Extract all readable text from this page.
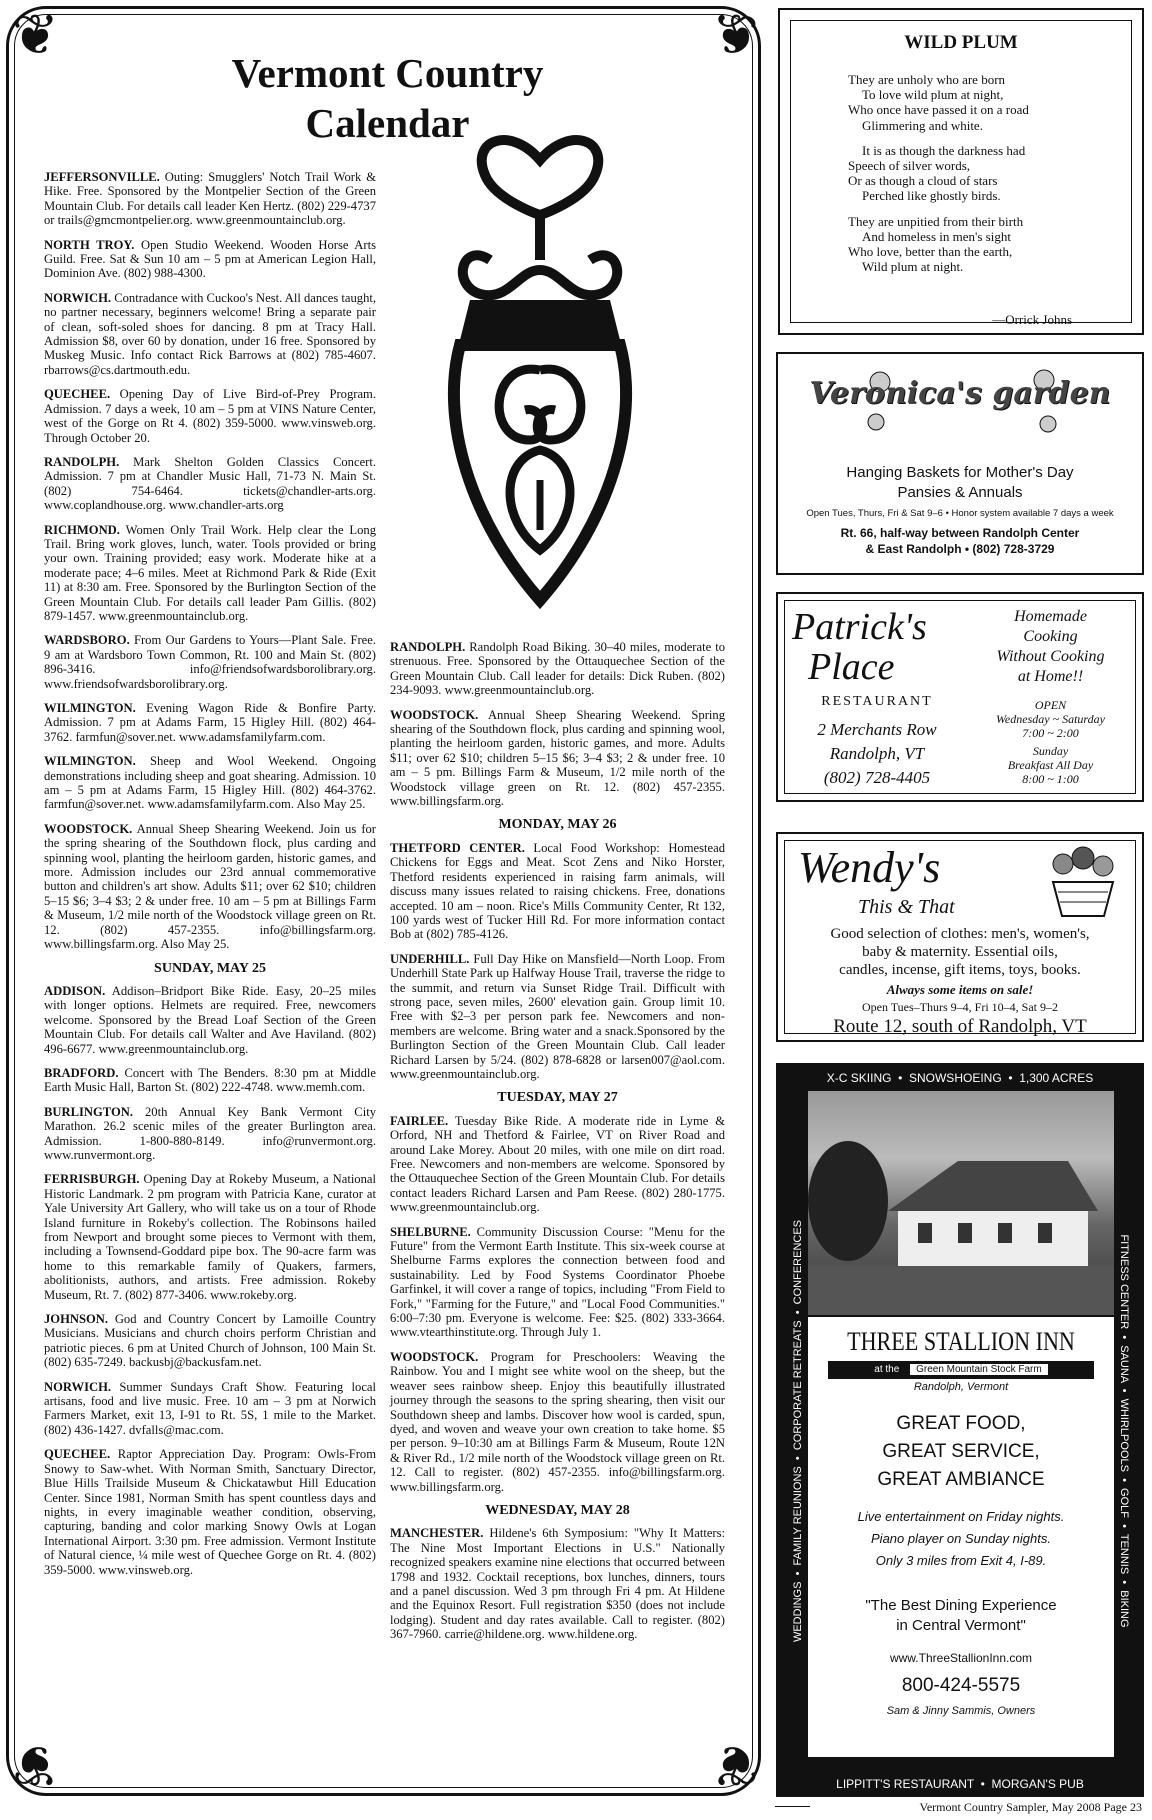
❦	❦
❦	❦
Vermont Country Calendar

JEFFERSONVILLE. Outing: Smugglers' Notch Trail Work & Hike. Free. Sponsored by the Montpelier Section of the Green Mountain Club. For details call leader Ken Hertz. (802) 229-4737 or trails@gmcmontpelier.org. www.greenmountainclub.org.

NORTH TROY. Open Studio Weekend. Wooden Horse Arts Guild. Free. Sat & Sun 10 am – 5 pm at American Legion Hall, Dominion Ave. (802) 988-4300.

NORWICH. Contradance with Cuckoo's Nest. All dances taught, no partner necessary, beginners welcome! Bring a separate pair of clean, soft-soled shoes for dancing. 8 pm at Tracy Hall. Admission $8, over 60 by donation, under 16 free. Sponsored by Muskeg Music. Info contact Rick Barrows at (802) 785-4607. rbarrows@cs.dartmouth.edu.

QUECHEE. Opening Day of Live Bird-of-Prey Program. Admission. 7 days a week, 10 am – 5 pm at VINS Nature Center, west of the Gorge on Rt 4. (802) 359-5000. www.vinsweb.org. Through October 20.

RANDOLPH. Mark Shelton Golden Classics Concert. Admission. 7 pm at Chandler Music Hall, 71-73 N. Main St. (802) 754-6464. tickets@chandler-arts.org. www.coplandhouse.org. www.chandler-arts.org

RICHMOND. Women Only Trail Work. Help clear the Long Trail. Bring work gloves, lunch, water. Tools provided or bring your own. Training provided; easy work. Moderate hike at a moderate pace; 4–6 miles. Meet at Richmond Park & Ride (Exit 11) at 8:30 am. Free. Sponsored by the Burlington Section of the Green Mountain Club. For details call leader Pam Gillis. (802) 879-1457. www.greenmountainclub.org.

WARDSBORO. From Our Gardens to Yours—Plant Sale. Free. 9 am at Wardsboro Town Common, Rt. 100 and Main St. (802) 896-3416. info@friendsofwardsborolibrary.org. www.friendsofwardsborolibrary.org.

WILMINGTON. Evening Wagon Ride & Bonfire Party. Admission. 7 pm at Adams Farm, 15 Higley Hill. (802) 464-3762. farmfun@sover.net. www.adamsfamilyfarm.com.

WILMINGTON. Sheep and Wool Weekend. Ongoing demonstrations including sheep and goat shearing. Admission. 10 am – 5 pm at Adams Farm, 15 Higley Hill. (802) 464-3762. farmfun@sover.net. www.adamsfamilyfarm.com. Also May 25.

WOODSTOCK. Annual Sheep Shearing Weekend. Join us for the spring shearing of the Southdown flock, plus carding and spinning wool, planting the heirloom garden, historic games, and more. Admission includes our 23rd annual commemorative button and children's art show. Adults $11; over 62 $10; children 5–15 $6; 3–4 $3; 2 & under free. 10 am – 5 pm at Billings Farm & Museum, 1/2 mile north of the Woodstock village green on Rt. 12. (802) 457-2355. info@billingsfarm.org. www.billingsfarm.org. Also May 25.

SUNDAY, MAY 25

ADDISON. Addison–Bridport Bike Ride. Easy, 20–25 miles with longer options. Helmets are required. Free, newcomers welcome. Sponsored by the Bread Loaf Section of the Green Mountain Club. For details call Walter and Ave Haviland. (802) 496-6677. www.greenmountainclub.org.

BRADFORD. Concert with The Benders. 8:30 pm at Middle Earth Music Hall, Barton St. (802) 222-4748. www.memh.com.

BURLINGTON. 20th Annual Key Bank Vermont City Marathon. 26.2 scenic miles of the greater Burlington area. Admission. 1-800-880-8149. info@runvermont.org. www.runvermont.org.

FERRISBURGH. Opening Day at Rokeby Museum, a National Historic Landmark. 2 pm program with Patricia Kane, curator at Yale University Art Gallery, who will take us on a tour of Rhode Island furniture in Rokeby's collection. The Robinsons hailed from Newport and brought some pieces to Vermont with them, including a Townsend-Goddard pipe box. The 90-acre farm was home to this remarkable family of Quakers, farmers, abolitionists, authors, and artists. Free admission. Rokeby Museum, Rt. 7. (802) 877-3406. www.rokeby.org.

JOHNSON. God and Country Concert by Lamoille Country Musicians. Musicians and church choirs perform Christian and patriotic pieces. 6 pm at United Church of Johnson, 100 Main St. (802) 635-7249. backusbj@backusfam.net.

NORWICH. Summer Sundays Craft Show. Featuring local artisans, food and live music. Free. 10 am – 3 pm at Norwich Farmers Market, exit 13, I-91 to Rt. 5S, 1 mile to the Market. (802) 436-1427. dvfalls@mac.com.

QUECHEE. Raptor Appreciation Day. Program: Owls-From Snowy to Saw-whet. With Norman Smith, Sanctuary Director, Blue Hills Trailside Museum & Chickatawbut Hill Education Center. Since 1981, Norman Smith has spent countless days and nights, in every imaginable weather condition, observing, capturing, banding and color marking Snowy Owls at Logan International Airport. 3:30 pm. Free admission. Vermont Institute of Natural cience, ¼ mile west of Quechee Gorge on Rt. 4. (802) 359-5000. www.vinsweb.org.

RANDOLPH. Randolph Road Biking. 30–40 miles, moderate to strenuous. Free. Sponsored by the Ottauquechee Section of the Green Mountain Club. Call leader for details: Dick Ruben. (802) 234-9093. www.greenmountainclub.org.

WOODSTOCK. Annual Sheep Shearing Weekend. Spring shearing of the Southdown flock, plus carding and spinning wool, planting the heirloom garden, historic games, and more. Adults $11; over 62 $10; children 5–15 $6; 3–4 $3; 2 & under free. 10 am – 5 pm. Billings Farm & Museum, 1/2 mile north of the Woodstock village green on Rt. 12. (802) 457-2355. www.billingsfarm.org.

MONDAY, MAY 26

THETFORD CENTER. Local Food Workshop: Homestead Chickens for Eggs and Meat. Scot Zens and Niko Horster, Thetford residents experienced in raising farm animals, will discuss many issues related to raising chickens. Free, donations accepted. 10 am – noon. Rice's Mills Community Center, Rt 132, 100 yards west of Tucker Hill Rd. For more information contact Bob at (802) 785-4126.

UNDERHILL. Full Day Hike on Mansfield—North Loop. From Underhill State Park up Halfway House Trail, traverse the ridge to the summit, and return via Sunset Ridge Trail. Difficult with strong pace, seven miles, 2600' elevation gain. Group limit 10. Free with $2–3 per person park fee. Newcomers and non-members are welcome. Bring water and a snack.Sponsored by the Burlington Section of the Green Mountain Club. Call leader Richard Larsen by 5/24. (802) 878-6828 or larsen007@aol.com. www.greenmountainclub.org.

TUESDAY, MAY 27

FAIRLEE. Tuesday Bike Ride. A moderate ride in Lyme & Orford, NH and Thetford & Fairlee, VT on River Road and around Lake Morey. About 20 miles, with one mile on dirt road. Free. Newcomers and non-members are welcome. Sponsored by the Ottauquechee Section of the Green Mountain Club. For details contact leaders Richard Larsen and Pam Reese. (802) 280-1775. www.greenmountainclub.org.

SHELBURNE. Community Discussion Course: "Menu for the Future" from the Vermont Earth Institute. This six-week course at Shelburne Farms explores the connection between food and sustainability. Led by Food Systems Coordinator Phoebe Garfinkel, it will cover a range of topics, including "From Field to Fork," "Farming for the Future," and "Local Food Communities." 6:00–7:30 pm. Everyone is welcome. Fee: $25. (802) 333-3664. www.vtearthinstitute.org. Through July 1.

WOODSTOCK. Program for Preschoolers: Weaving the Rainbow. You and I might see white wool on the sheep, but the weaver sees rainbow sheep. Enjoy this beautifully illustrated journey through the seasons to the spring shearing, then visit our Southdown sheep and lambs. Discover how wool is carded, spun, dyed, and woven and weave your own creation to take home. $5 per person. 9–10:30 am at Billings Farm & Museum, Route 12N & River Rd., 1/2 mile north of the Woodstock village green on Rt. 12. Call to register. (802) 457-2355. info@billingsfarm.org. www.billingsfarm.org.

WEDNESDAY, MAY 28

MANCHESTER. Hildene's 6th Symposium: "Why It Matters: The Nine Most Important Elections in U.S." Nationally recognized speakers examine nine elections that occurred between 1798 and 1932. Cocktail receptions, box lunches, dinners, tours and a panel discussion. Wed 3 pm through Fri 4 pm. At Hildene and the Equinox Resort. Full registration $350 (does not include lodging). Student and day rates available. Call to register. (802) 367-7960. carrie@hildene.org. www.hildene.org.

WILD PLUM
They are unholy who are born
To love wild plum at night,
Who once have passed it on a road
Glimmering and white.
It is as though the darkness had
Speech of silver words,
Or as though a cloud of stars
Perched like ghostly birds.
They are unpitied from their birth
And homeless in men's sight
Who love, better than the earth,
Wild plum at night.
—Orrick Johns
Veronica's garden
Hanging Baskets for Mother's Day
Pansies & Annuals
Open Tues, Thurs, Fri & Sat 9–6 • Honor system available 7 days a week
Rt. 66, half-way between Randolph Center
& East Randolph • (802) 728-3729
Patrick's
Place
RESTAURANT
2 Merchants Row
Randolph, VT
(802) 728-4405
Homemade
Cooking
Without Cooking
at Home!!
OPEN
Wednesday ~ Saturday
7:00 ~ 2:00
Sunday
Breakfast All Day
8:00 ~ 1:00
Wendy's
This & That
Good selection of clothes: men's, women's,
baby & maternity. Essential oils,
candles, incense, gift items, toys, books.
Always some items on sale!
Open Tues–Thurs 9–4, Fri 10–4, Sat 9–2
Route 12, south of Randolph, VT
X-C SKIING  •  SNOWSHOEING  •  1,300 ACRES
WEDDINGS  •  FAMILY REUNIONS  •  CORPORATE RETREATS  •  CONFERENCES	FITNESS CENTER  •  SAUNA  •  WHIRLPOOLS  •  GOLF  •  TENNIS  •  BIKING
THREE STALLION INN
at the Green Mountain Stock Farm
Randolph, Vermont
GREAT FOOD,
GREAT SERVICE,
GREAT AMBIANCE
Live entertainment on Friday nights.
Piano player on Sunday nights.
Only 3 miles from Exit 4, I-89.
"The Best Dining Experience
in Central Vermont"
www.ThreeStallionInn.com
800-424-5575
Sam & Jinny Sammis, Owners
LIPPITT'S RESTAURANT  •  MORGAN'S PUB
Vermont Country Sampler, May 2008 Page 23
